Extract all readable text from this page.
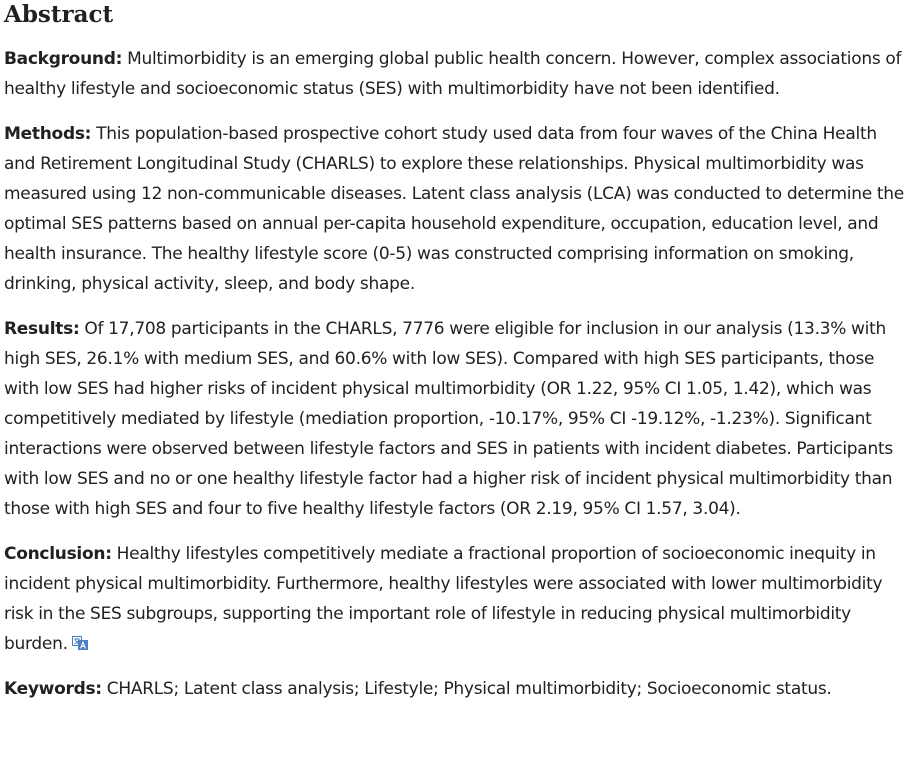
Abstract

Background: Multimorbidity is an emerging global public health concern. However, complex associations of healthy lifestyle and socioeconomic status (SES) with multimorbidity have not been identified.

Methods: This population-based prospective cohort study used data from four waves of the China Health and Retirement Longitudinal Study (CHARLS) to explore these relationships. Physical multimorbidity was measured using 12 non-communicable diseases. Latent class analysis (LCA) was conducted to determine the optimal SES patterns based on annual per-capita household expenditure, occupation, education level, and health insurance. The healthy lifestyle score (0-5) was constructed comprising information on smoking, drinking, physical activity, sleep, and body shape.

Results: Of 17,708 participants in the CHARLS, 7776 were eligible for inclusion in our analysis (13.3% with high SES, 26.1% with medium SES, and 60.6% with low SES). Compared with high SES participants, those with low SES had higher risks of incident physical multimorbidity (OR 1.22, 95% CI 1.05, 1.42), which was competitively mediated by lifestyle (mediation proportion, -10.17%, 95% CI -19.12%, -1.23%). Significant interactions were observed between lifestyle factors and SES in patients with incident diabetes. Participants with low SES and no or one healthy lifestyle factor had a higher risk of incident physical multimorbidity than those with high SES and four to five healthy lifestyle factors (OR 2.19, 95% CI 1.57, 3.04).

Conclusion: Healthy lifestyles competitively mediate a fractional proportion of socioeconomic inequity in incident physical multimorbidity. Furthermore, healthy lifestyles were associated with lower multimorbidity risk in the SES subgroups, supporting the important role of lifestyle in reducing physical multimorbidity burden.

Keywords: CHARLS; Latent class analysis; Lifestyle; Physical multimorbidity; Socioeconomic status.
